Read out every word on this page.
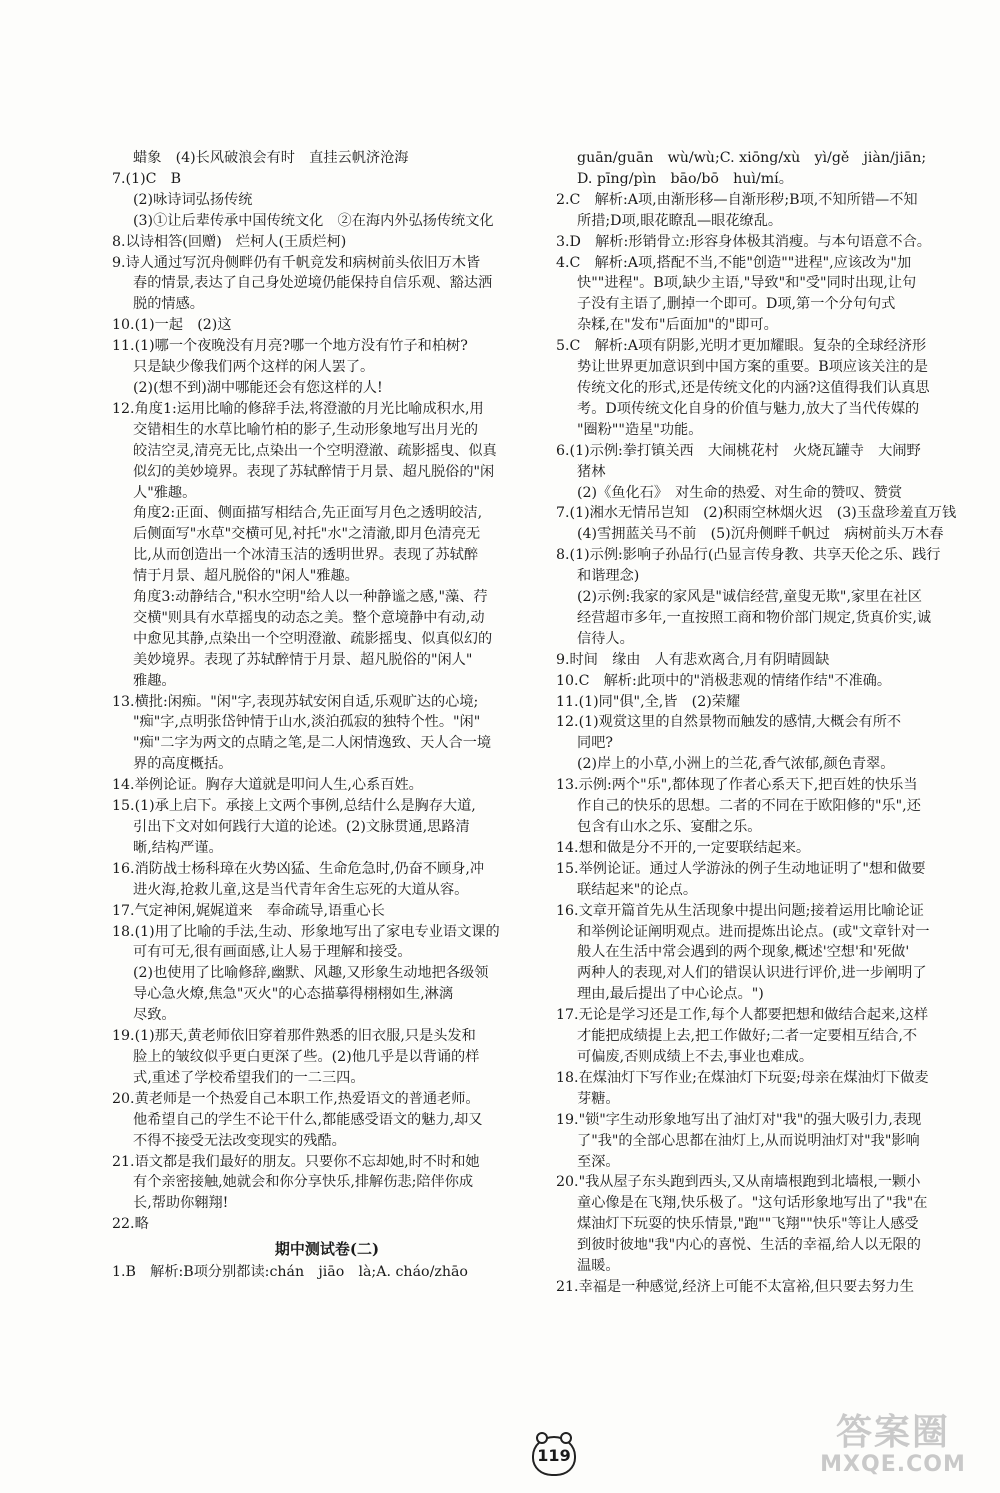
蜡象　(4)长风破浪会有时　直挂云帆济沧海
7.(1)C　B
(2)咏诗词弘扬传统
(3)①让后辈传承中国传统文化　②在海内外弘扬传统文化
8.以诗相答(回赠)　烂柯人(王质烂柯)
9.诗人通过写沉舟侧畔仍有千帆竞发和病树前头依旧万木皆
春的情景,表达了自己身处逆境仍能保持自信乐观、豁达洒
脱的情感。
10.(1)一起　(2)这
11.(1)哪一个夜晚没有月亮?哪一个地方没有竹子和柏树?
只是缺少像我们两个这样的闲人罢了。
(2)(想不到)湖中哪能还会有您这样的人!
12.角度1:运用比喻的修辞手法,将澄澈的月光比喻成积水,用
交错相生的水草比喻竹柏的影子,生动形象地写出月光的
皎洁空灵,清亮无比,点染出一个空明澄澈、疏影摇曳、似真
似幻的美妙境界。表现了苏轼醉情于月景、超凡脱俗的"闲
人"雅趣。
角度2:正面、侧面描写相结合,先正面写月色之透明皎洁,
后侧面写"水草"交横可见,衬托"水"之清澈,即月色清亮无
比,从而创造出一个冰清玉洁的透明世界。表现了苏轼醉
情于月景、超凡脱俗的"闲人"雅趣。
角度3:动静结合,"积水空明"给人以一种静谧之感,"藻、荇
交横"则具有水草摇曳的动态之美。整个意境静中有动,动
中愈见其静,点染出一个空明澄澈、疏影摇曳、似真似幻的
美妙境界。表现了苏轼醉情于月景、超凡脱俗的"闲人"
雅趣。
13.横批:闲痴。"闲"字,表现苏轼安闲自适,乐观旷达的心境;
"痴"字,点明张岱钟情于山水,淡泊孤寂的独特个性。"闲"
"痴"二字为两文的点睛之笔,是二人闲情逸致、天人合一境
界的高度概括。
14.举例论证。胸存大道就是叩问人生,心系百姓。
15.(1)承上启下。承接上文两个事例,总结什么是胸存大道,
引出下文对如何践行大道的论述。(2)文脉贯通,思路清
晰,结构严谨。
16.消防战士杨科璋在火势凶猛、生命危急时,仍奋不顾身,冲
进火海,抢救儿童,这是当代青年舍生忘死的大道从容。
17.气定神闲,娓娓道来　奉命疏导,语重心长
18.(1)用了比喻的手法,生动、形象地写出了家电专业语文课的
可有可无,很有画面感,让人易于理解和接受。
(2)也使用了比喻修辞,幽默、风趣,又形象生动地把各级领
导心急火燎,焦急"灭火"的心态描摹得栩栩如生,淋漓
尽致。
19.(1)那天,黄老师依旧穿着那件熟悉的旧衣服,只是头发和
脸上的皱纹似乎更白更深了些。(2)他几乎是以背诵的样
式,重述了学校希望我们的一二三四。
20.黄老师是一个热爱自己本职工作,热爱语文的普通老师。
他希望自己的学生不论干什么,都能感受语文的魅力,却又
不得不接受无法改变现实的残酷。
21.语文都是我们最好的朋友。只要你不忘却她,时不时和她
有个亲密接触,她就会和你分享快乐,排解伤悲;陪伴你成
长,帮助你翱翔!
22.略
期中测试卷(二)
1.B　解析:B项分别都读:chán　jiāo　là;A. cháo/zhāo
guān/guān　wù/wù;C. xiōng/xù　yì/gě　jiàn/jiān;
D. pīng/pìn　bāo/bō　huì/mí。
2.C　解析:A项,由渐形移—自渐形秽;B项,不知所错—不知
所措;D项,眼花瞭乱—眼花缭乱。
3.D　解析:形销骨立:形容身体极其消瘦。与本句语意不合。
4.C　解析:A项,搭配不当,不能"创造""进程",应该改为"加
快""进程"。B项,缺少主语,"导致"和"受"同时出现,让句
子没有主语了,删掉一个即可。D项,第一个分句句式
杂糅,在"发布"后面加"的"即可。
5.C　解析:A项有阴影,光明才更加耀眼。复杂的全球经济形
势让世界更加意识到中国方案的重要。B项应该关注的是
传统文化的形式,还是传统文化的内涵?这值得我们认真思
考。D项传统文化自身的价值与魅力,放大了当代传媒的
"圈粉""造星"功能。
6.(1)示例:拳打镇关西　大闹桃花村　火烧瓦罐寺　大闹野
猪林
(2)《鱼化石》　对生命的热爱、对生命的赞叹、赞赏
7.(1)湘水无情吊岂知　(2)积雨空林烟火迟　(3)玉盘珍羞直万钱
(4)雪拥蓝关马不前　(5)沉舟侧畔千帆过　病树前头万木春
8.(1)示例:影响子孙品行(凸显言传身教、共享天伦之乐、践行
和谐理念)
(2)示例:我家的家风是"诚信经营,童叟无欺",家里在社区
经营超市多年,一直按照工商和物价部门规定,货真价实,诚
信待人。
9.时间　缘由　人有悲欢离合,月有阴晴圆缺
10.C　解析:此项中的"消极悲观的情绪作结"不准确。
11.(1)同"俱",全,皆　(2)荣耀
12.(1)观赏这里的自然景物而触发的感情,大概会有所不
同吧?
(2)岸上的小草,小洲上的兰花,香气浓郁,颜色青翠。
13.示例:两个"乐",都体现了作者心系天下,把百姓的快乐当
作自己的快乐的思想。二者的不同在于欧阳修的"乐",还
包含有山水之乐、宴酣之乐。
14.想和做是分不开的,一定要联结起来。
15.举例论证。通过人学游泳的例子生动地证明了"想和做要
联结起来"的论点。
16.文章开篇首先从生活现象中提出问题;接着运用比喻论证
和举例论证阐明观点。进而提炼出论点。(或"文章针对一
般人在生活中常会遇到的两个现象,概述'空想'和'死做'
两种人的表现,对人们的错误认识进行评价,进一步阐明了
理由,最后提出了中心论点。")
17.无论是学习还是工作,每个人都要把想和做结合起来,这样
才能把成绩提上去,把工作做好;二者一定要相互结合,不
可偏废,否则成绩上不去,事业也难成。
18.在煤油灯下写作业;在煤油灯下玩耍;母亲在煤油灯下做麦
芽糖。
19."锁"字生动形象地写出了油灯对"我"的强大吸引力,表现
了"我"的全部心思都在油灯上,从而说明油灯对"我"影响
至深。
20."我从屋子东头跑到西头,又从南墙根跑到北墙根,一颗小
童心像是在飞翔,快乐极了。"这句话形象地写出了"我"在
煤油灯下玩耍的快乐情景,"跑""飞翔""快乐"等让人感受
到彼时彼地"我"内心的喜悦、生活的幸福,给人以无限的
温暖。
21.幸福是一种感觉,经济上可能不太富裕,但只要去努力生
119
答案圈
MXQE.COM
